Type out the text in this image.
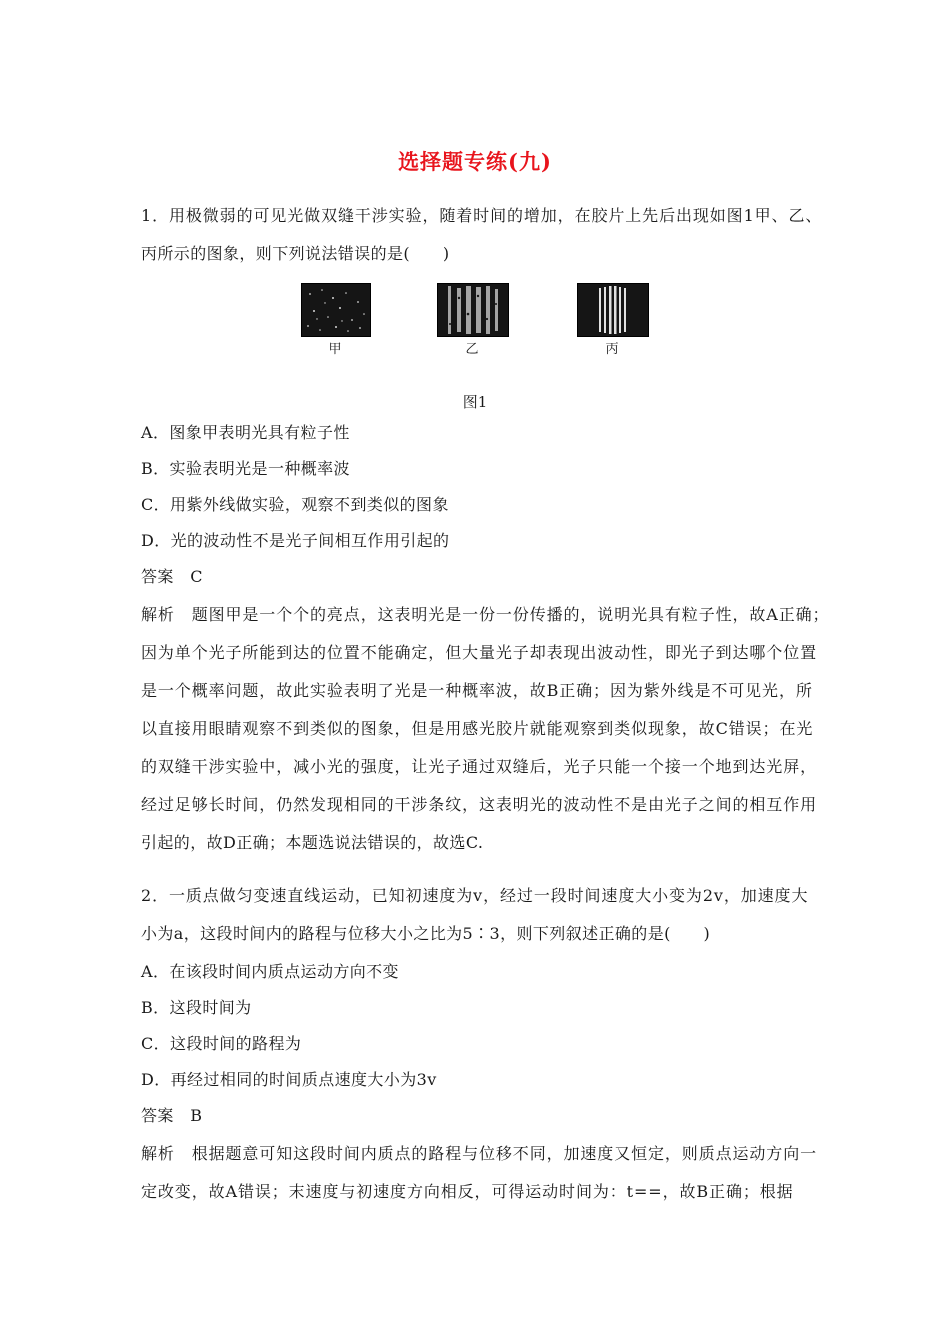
选择题专练(九)
1．用极微弱的可见光做双缝干涉实验，随着时间的增加，在胶片上先后出现如图1甲、乙、
丙所示的图象，则下列说法错误的是(　　)
甲	乙	丙
图1
A．图象甲表明光具有粒子性
B．实验表明光是一种概率波
C．用紫外线做实验，观察不到类似的图象
D．光的波动性不是光子间相互作用引起的
答案　C
解析　题图甲是一个个的亮点，这表明光是一份一份传播的，说明光具有粒子性，故A正确；
因为单个光子所能到达的位置不能确定，但大量光子却表现出波动性，即光子到达哪个位置
是一个概率问题，故此实验表明了光是一种概率波，故B正确；因为紫外线是不可见光，所
以直接用眼睛观察不到类似的图象，但是用感光胶片就能观察到类似现象，故C错误；在光
的双缝干涉实验中，减小光的强度，让光子通过双缝后，光子只能一个接一个地到达光屏，
经过足够长时间，仍然发现相同的干涉条纹，这表明光的波动性不是由光子之间的相互作用
引起的，故D正确；本题选说法错误的，故选C.
2．一质点做匀变速直线运动，已知初速度为v，经过一段时间速度大小变为2v，加速度大
小为a，这段时间内的路程与位移大小之比为5∶3，则下列叙述正确的是(　　)
A．在该段时间内质点运动方向不变
B．这段时间为
C．这段时间的路程为
D．再经过相同的时间质点速度大小为3v
答案　B
解析　根据题意可知这段时间内质点的路程与位移不同，加速度又恒定，则质点运动方向一
定改变，故A错误；末速度与初速度方向相反，可得运动时间为：t==，故B正确；根据
